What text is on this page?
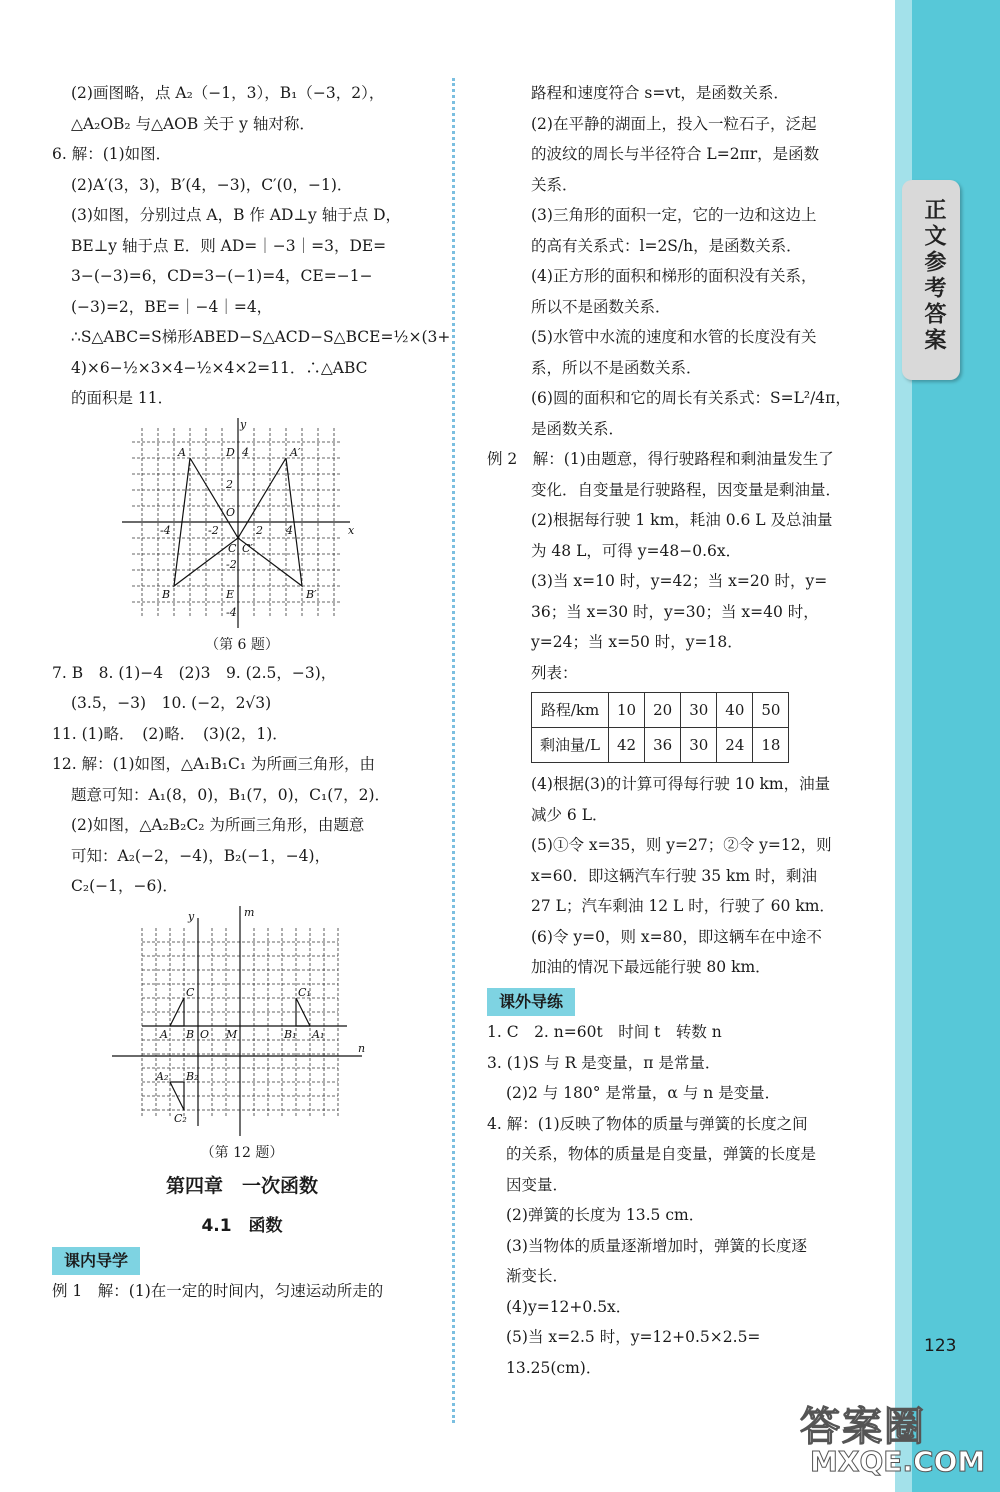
正文参考答案

(2)画图略，点 A₂（−1，3），B₁（−3，2），

△A₂OB₂ 与△AOB 关于 y 轴对称．

6. 解：(1)如图．

(2)A′(3，3)，B′(4，−3)，C′(0，−1)．

(3)如图，分别过点 A，B 作 AD⊥y 轴于点 D，

BE⊥y 轴于点 E．则 AD=｜−3｜=3，DE=

3−(−3)=6，CD=3−(−1)=4，CE=−1−

(−3)=2，BE=｜−4｜=4，

∴S△ABC=S梯形ABED−S△ACD−S△BCE=½×(3+

4)×6−½×3×4−½×4×2=11．∴△ABC

的面积是 11．

y
x
A	A′
D 4
2
O
-4	-2	2 4
C C′
-2
B	E	B′
-4
（第 6 题）

7. B　8. (1)−4　(2)3　9. (2.5，−3)，

(3.5，−3)　10. (−2，2√3)

11. (1)略．　(2)略．　(3)(2，1)．

12. 解：(1)如图，△A₁B₁C₁ 为所画三角形，由

题意可知：A₁(8，0)，B₁(7，0)，C₁(7，2)．

(2)如图，△A₂B₂C₂ 为所画三角形，由题意

可知：A₂(−2，−4)，B₂(−1，−4)，

C₂(−1，−6)．

y	m
n
C
A B O M
C₁
B₁ A₁
A₂ B₂
C₂
（第 12 题）
第四章　一次函数
4.1　函数
课内导学

例 1　解：(1)在一定的时间内，匀速运动所走的

路程和速度符合 s=vt，是函数关系．

(2)在平静的湖面上，投入一粒石子，泛起

的波纹的周长与半径符合 L=2πr，是函数

关系．

(3)三角形的面积一定，它的一边和这边上

的高有关系式：l=2S/h，是函数关系．

(4)正方形的面积和梯形的面积没有关系，

所以不是函数关系．

(5)水管中水流的速度和水管的长度没有关

系，所以不是函数关系．

(6)圆的面积和它的周长有关系式：S=L²/4π，

是函数关系．

例 2　解：(1)由题意，得行驶路程和剩油量发生了

变化．自变量是行驶路程，因变量是剩油量．

(2)根据每行驶 1 km，耗油 0.6 L 及总油量

为 48 L，可得 y=48−0.6x．

(3)当 x=10 时，y=42；当 x=20 时，y=

36；当 x=30 时，y=30；当 x=40 时，

y=24；当 x=50 时，y=18．

列表：

路程/km	10	20	30	40	50
剩油量/L	42	36	30	24	18

(4)根据(3)的计算可得每行驶 10 km，油量

减少 6 L．

(5)①令 x=35，则 y=27；②令 y=12，则

x=60．即这辆汽车行驶 35 km 时，剩油

27 L；汽车剩油 12 L 时，行驶了 60 km．

(6)令 y=0，则 x=80，即这辆车在中途不

加油的情况下最远能行驶 80 km．

课外导练

1. C　2. n=60t　时间 t　转数 n

3. (1)S 与 R 是变量，π 是常量．

(2)2 与 180° 是常量，α 与 n 是变量．

4. 解：(1)反映了物体的质量与弹簧的长度之间

的关系，物体的质量是自变量，弹簧的长度是

因变量．

(2)弹簧的长度为 13.5 cm．

(3)当物体的质量逐渐增加时，弹簧的长度逐

渐变长．

(4)y=12+0.5x．

(5)当 x=2.5 时，y=12+0.5×2.5=

13.25(cm)．

123
答案圈
MXQE.COM
